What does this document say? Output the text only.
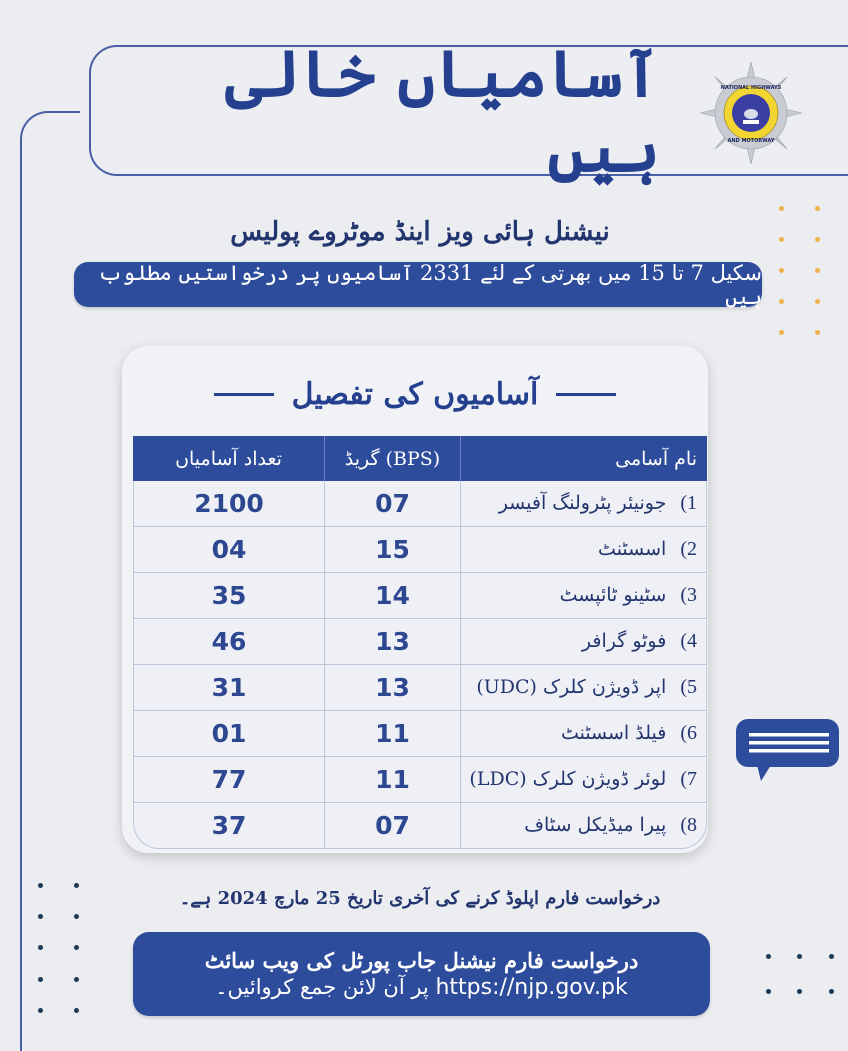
آسامیاں خالی ہیں
NATIONAL HIGHWAYS
AND MOTORWAY
نیشنل ہائی ویز اینڈ موٹروے پولیس
سکیل 7 تا 15 میں بھرتی کے لئے 2331 آسامیوں پر درخواستیں مطلوب ہیں
آسامیوں کی تفصیل
تعداد آسامیاں	گریڈ (BPS)	نام آسامی
2100	07	1)جونیئر پٹرولنگ آفیسر
04	15	2)اسسٹنٹ
35	14	3)سٹینو ٹائپسٹ
46	13	4)فوٹو گرافر
31	13	5)اپر ڈویژن کلرک (UDC)
01	11	6)فیلڈ اسسٹنٹ
77	11	7)لوئر ڈویژن کلرک (LDC)
37	07	8)پیرا میڈیکل سٹاف
درخواست فارم اپلوڈ کرنے کی آخری تاریخ 25 مارچ 2024 ہے۔
درخواست فارم نیشنل جاب پورٹل کی ویب سائٹ
https://njp.gov.pk پر آن لائن جمع کروائیں۔
